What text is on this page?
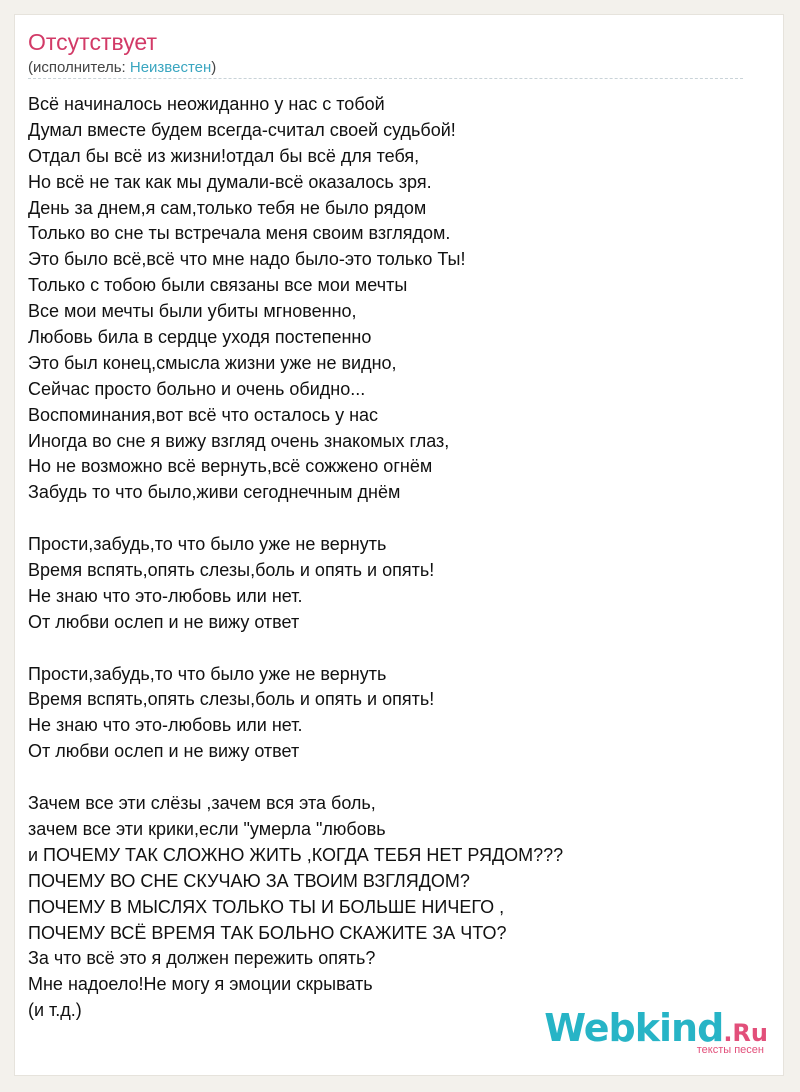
Отсутствует
(исполнитель: Неизвестен)
Всё начиналось неожиданно у нас с тобой
Думал вместе будем всегда-считал своей судьбой!
Отдал бы всё из жизни!отдал бы всё для тебя,
Но всё не так как мы думали-всё оказалось зря.
День за днем,я сам,только тебя не было рядом
Только во сне ты встречала меня своим взглядом.
Это было всё,всё что мне надо было-это только Ты!
Только с тобою были связаны все мои мечты
Все мои мечты были убиты мгновенно,
Любовь била в сердце уходя постепенно
Это был конец,смысла жизни уже не видно,
Сейчас просто больно и очень обидно...
Воспоминания,вот всё что осталось у нас
Иногда во сне я вижу взгляд очень знакомых глаз,
Но не возможно всё вернуть,всё сожжено огнём
Забудь то что было,живи сегоднечным днём
Прости,забудь,то что было уже не вернуть
Время вспять,опять слезы,боль и опять и опять!
Не знаю что это-любовь или нет.
От любви ослеп и не вижу ответ
Прости,забудь,то что было уже не вернуть
Время вспять,опять слезы,боль и опять и опять!
Не знаю что это-любовь или нет.
От любви ослеп и не вижу ответ
Зачем все эти слёзы ,зачем вся эта боль,
зачем все эти крики,если "умерла "любовь
и ПОЧЕМУ ТАК СЛОЖНО ЖИТЬ ,КОГДА ТЕБЯ НЕТ РЯДОМ???
ПОЧЕМУ ВО СНЕ СКУЧАЮ ЗА ТВОИМ ВЗГЛЯДОМ?
ПОЧЕМУ В МЫСЛЯХ ТОЛЬКО ТЫ И БОЛЬШЕ НИЧЕГО ,
ПОЧЕМУ ВСЁ ВРЕМЯ ТАК БОЛЬНО СКАЖИТЕ ЗА ЧТО?
За что всё это я должен пережить опять?
Мне надоело!Не могу я эмоции скрывать
(и т.д.)	Webkind.Ru
тексты песен
